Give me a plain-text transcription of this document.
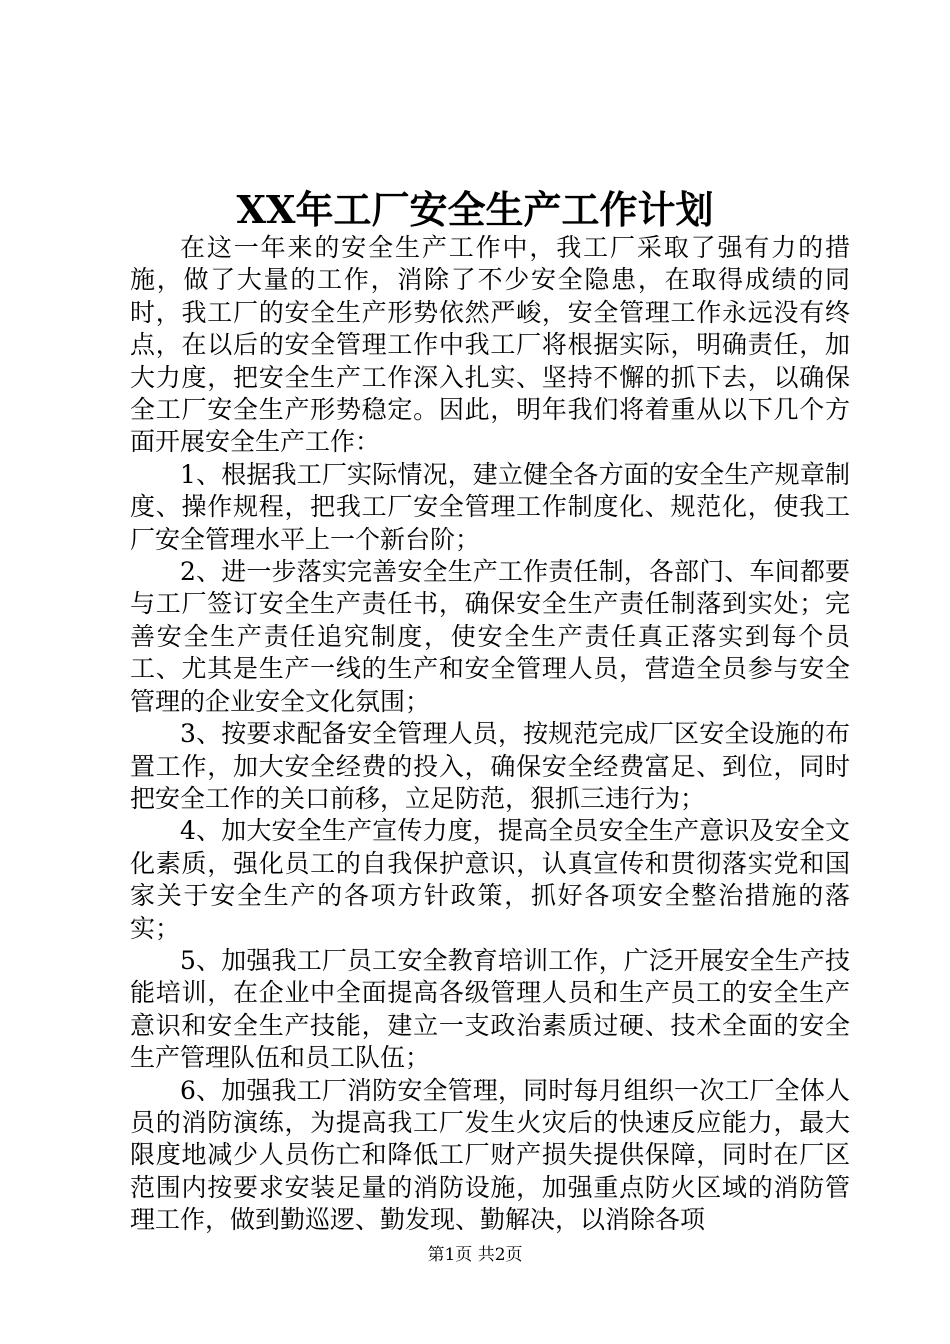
XX年工厂安全生产工作计划

在这一年来的安全生产工作中，我工厂采取了强有力的措施，做了大量的工作，消除了不少安全隐患，在取得成绩的同时，我工厂的安全生产形势依然严峻，安全管理工作永远没有终点，在以后的安全管理工作中我工厂将根据实际，明确责任，加大力度，把安全生产工作深入扎实、坚持不懈的抓下去，以确保全工厂安全生产形势稳定。因此，明年我们将着重从以下几个方面开展安全生产工作：

1、根据我工厂实际情况，建立健全各方面的安全生产规章制度、操作规程，把我工厂安全管理工作制度化、规范化，使我工厂安全管理水平上一个新台阶；

2、进一步落实完善安全生产工作责任制，各部门、车间都要与工厂签订安全生产责任书，确保安全生产责任制落到实处；完善安全生产责任追究制度，使安全生产责任真正落实到每个员工、尤其是生产一线的生产和安全管理人员，营造全员参与安全管理的企业安全文化氛围；

3、按要求配备安全管理人员，按规范完成厂区安全设施的布置工作，加大安全经费的投入，确保安全经费富足、到位，同时把安全工作的关口前移，立足防范，狠抓三违行为；

4、加大安全生产宣传力度，提高全员安全生产意识及安全文化素质，强化员工的自我保护意识，认真宣传和贯彻落实党和国家关于安全生产的各项方针政策，抓好各项安全整治措施的落实；

5、加强我工厂员工安全教育培训工作，广泛开展安全生产技能培训，在企业中全面提高各级管理人员和生产员工的安全生产意识和安全生产技能，建立一支政治素质过硬、技术全面的安全生产管理队伍和员工队伍；

6、加强我工厂消防安全管理，同时每月组织一次工厂全体人员的消防演练，为提高我工厂发生火灾后的快速反应能力，最大限度地减少人员伤亡和降低工厂财产损失提供保障，同时在厂区范围内按要求安装足量的消防设施，加强重点防火区域的消防管理工作，做到勤巡逻、勤发现、勤解决，以消除各项

第1页 共2页
